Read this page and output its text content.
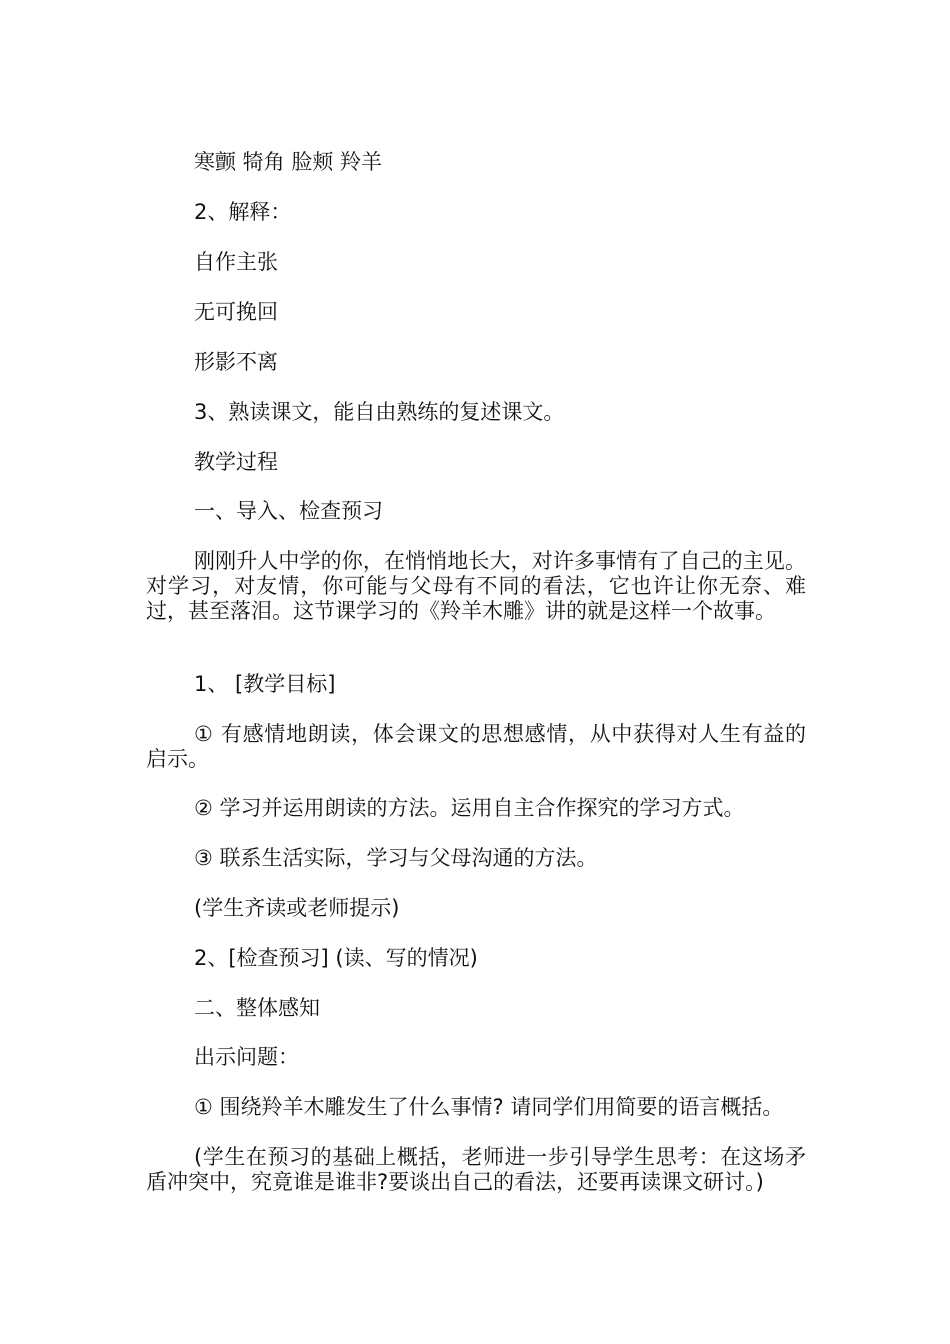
寒颤 犄角 脸颊 羚羊

2、解释：

自作主张

无可挽回

形影不离

3、熟读课文，能自由熟练的复述课文。

教学过程

一、导入、检查预习

刚刚升人中学的你，在悄悄地长大，对许多事情有了自己的主见。对学习，对友情，你可能与父母有不同的看法，它也许让你无奈、难过，甚至落泪。这节课学习的《羚羊木雕》讲的就是这样一个故事。

1、 [教学目标]

① 有感情地朗读，体会课文的思想感情，从中获得对人生有益的启示。

② 学习并运用朗读的方法。运用自主合作探究的学习方式。

③ 联系生活实际，学习与父母沟通的方法。

(学生齐读或老师提示)

2、[检查预习] (读、写的情况)

二、整体感知

出示问题：

① 围绕羚羊木雕发生了什么事情? 请同学们用简要的语言概括。

(学生在预习的基础上概括，老师进一步引导学生思考：在这场矛盾冲突中，究竟谁是谁非?要谈出自己的看法，还要再读课文研讨。)
